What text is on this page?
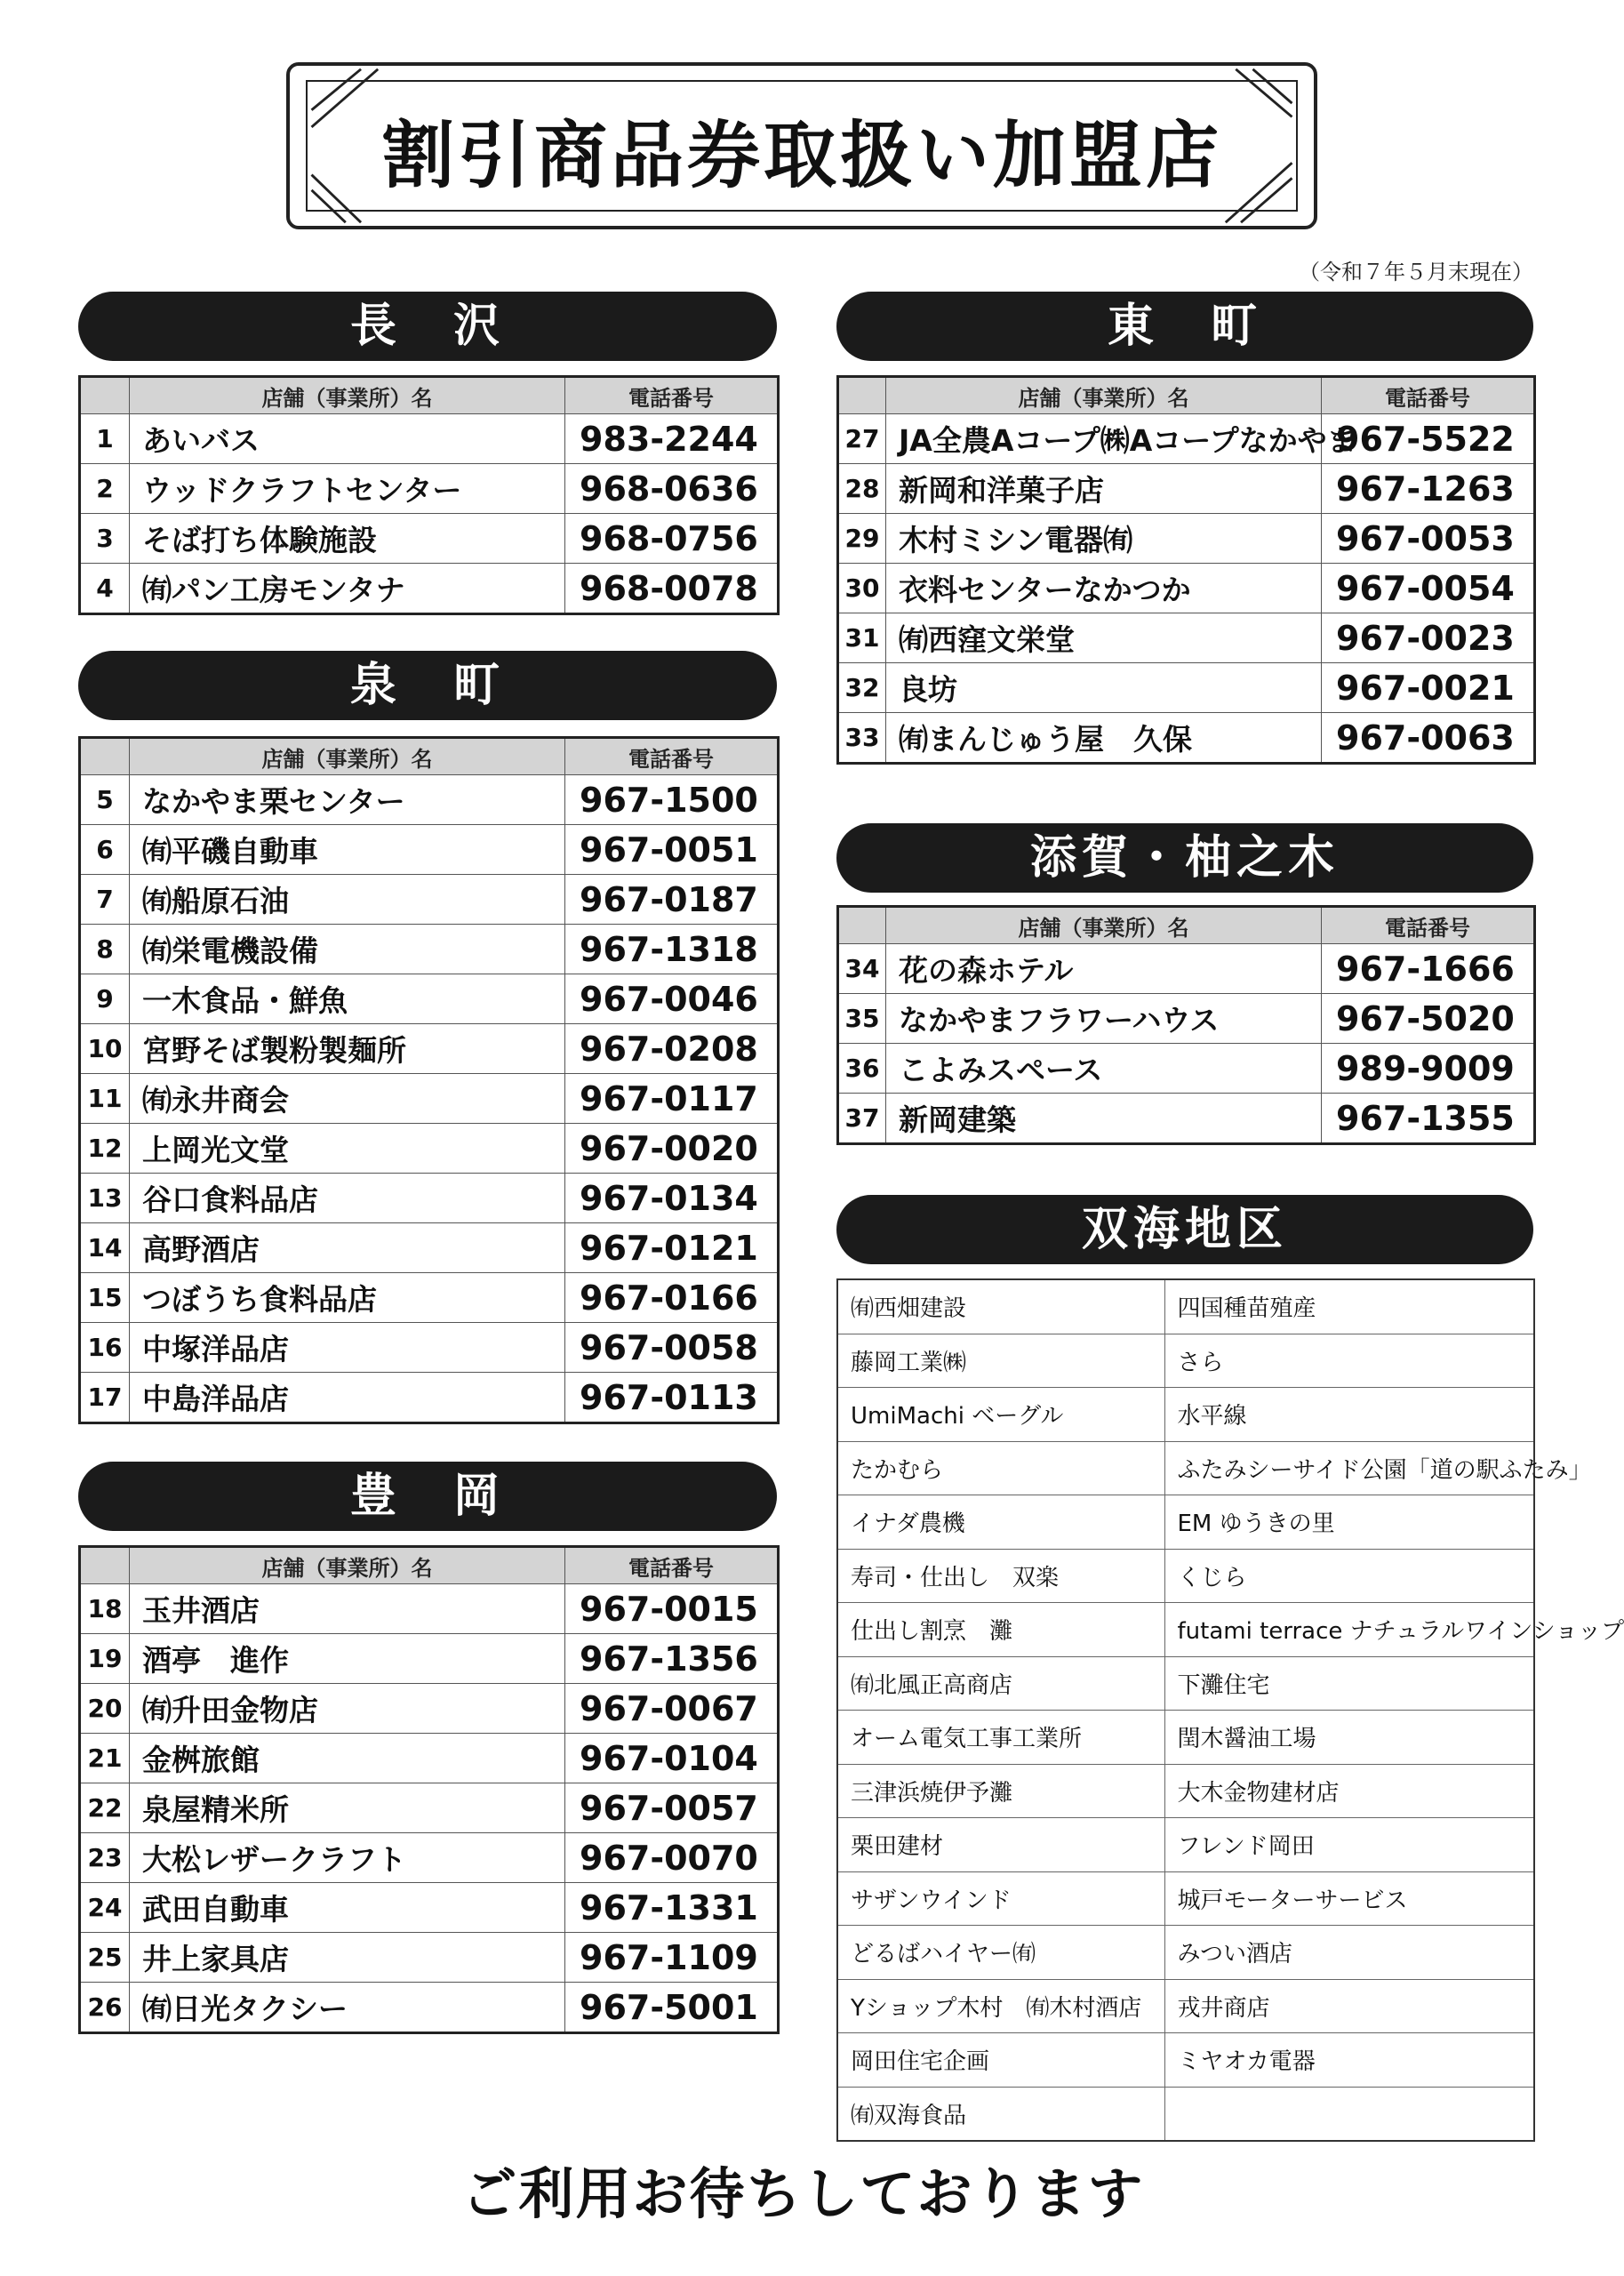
割引商品券取扱い加盟店
（令和７年５月末現在）
長　沢
	店舗（事業所）名	電話番号
1	あいバス	983-2244
2	ウッドクラフトセンター	968-0636
3	そば打ち体験施設	968-0756
4	㈲パン工房モンタナ	968-0078
泉　町
	店舗（事業所）名	電話番号
5	なかやま栗センター	967-1500
6	㈲平磯自動車	967-0051
7	㈲船原石油	967-0187
8	㈲栄電機設備	967-1318
9	一木食品・鮮魚	967-0046
10	宮野そば製粉製麺所	967-0208
11	㈲永井商会	967-0117
12	上岡光文堂	967-0020
13	谷口食料品店	967-0134
14	高野酒店	967-0121
15	つぼうち食料品店	967-0166
16	中塚洋品店	967-0058
17	中島洋品店	967-0113
豊　岡
	店舗（事業所）名	電話番号
18	玉井酒店	967-0015
19	酒亭　進作	967-1356
20	㈲升田金物店	967-0067
21	金桝旅館	967-0104
22	泉屋精米所	967-0057
23	大松レザークラフト	967-0070
24	武田自動車	967-1331
25	井上家具店	967-1109
26	㈲日光タクシー	967-5001
東　町
	店舗（事業所）名	電話番号
27	JA全農Aコープ㈱Aコープなかやま	967-5522
28	新岡和洋菓子店	967-1263
29	木村ミシン電器㈲	967-0053
30	衣料センターなかつか	967-0054
31	㈲西窪文栄堂	967-0023
32	良坊	967-0021
33	㈲まんじゅう屋　久保	967-0063
添賀・柚之木
	店舗（事業所）名	電話番号
34	花の森ホテル	967-1666
35	なかやまフラワーハウス	967-5020
36	こよみスペース	989-9009
37	新岡建築	967-1355
双海地区
㈲西畑建設	四国種苗殖産
藤岡工業㈱	さら
UmiMachi ベーグル	水平線
たかむら	ふたみシーサイド公園「道の駅ふたみ」
イナダ農機	EM ゆうきの里
寿司・仕出し　双楽	くじら
仕出し割烹　灘	futami terrace ナチュラルワインショップ
㈲北風正高商店	下灘住宅
オーム電気工事工業所	閏木醤油工場
三津浜焼伊予灘	大木金物建材店
栗田建材	フレンド岡田
サザンウインド	城戸モーターサービス
どるばハイヤー㈲	みつい酒店
Yショップ木村　㈲木村酒店	戎井商店
岡田住宅企画	ミヤオカ電器
㈲双海食品	
ご利用お待ちしております
